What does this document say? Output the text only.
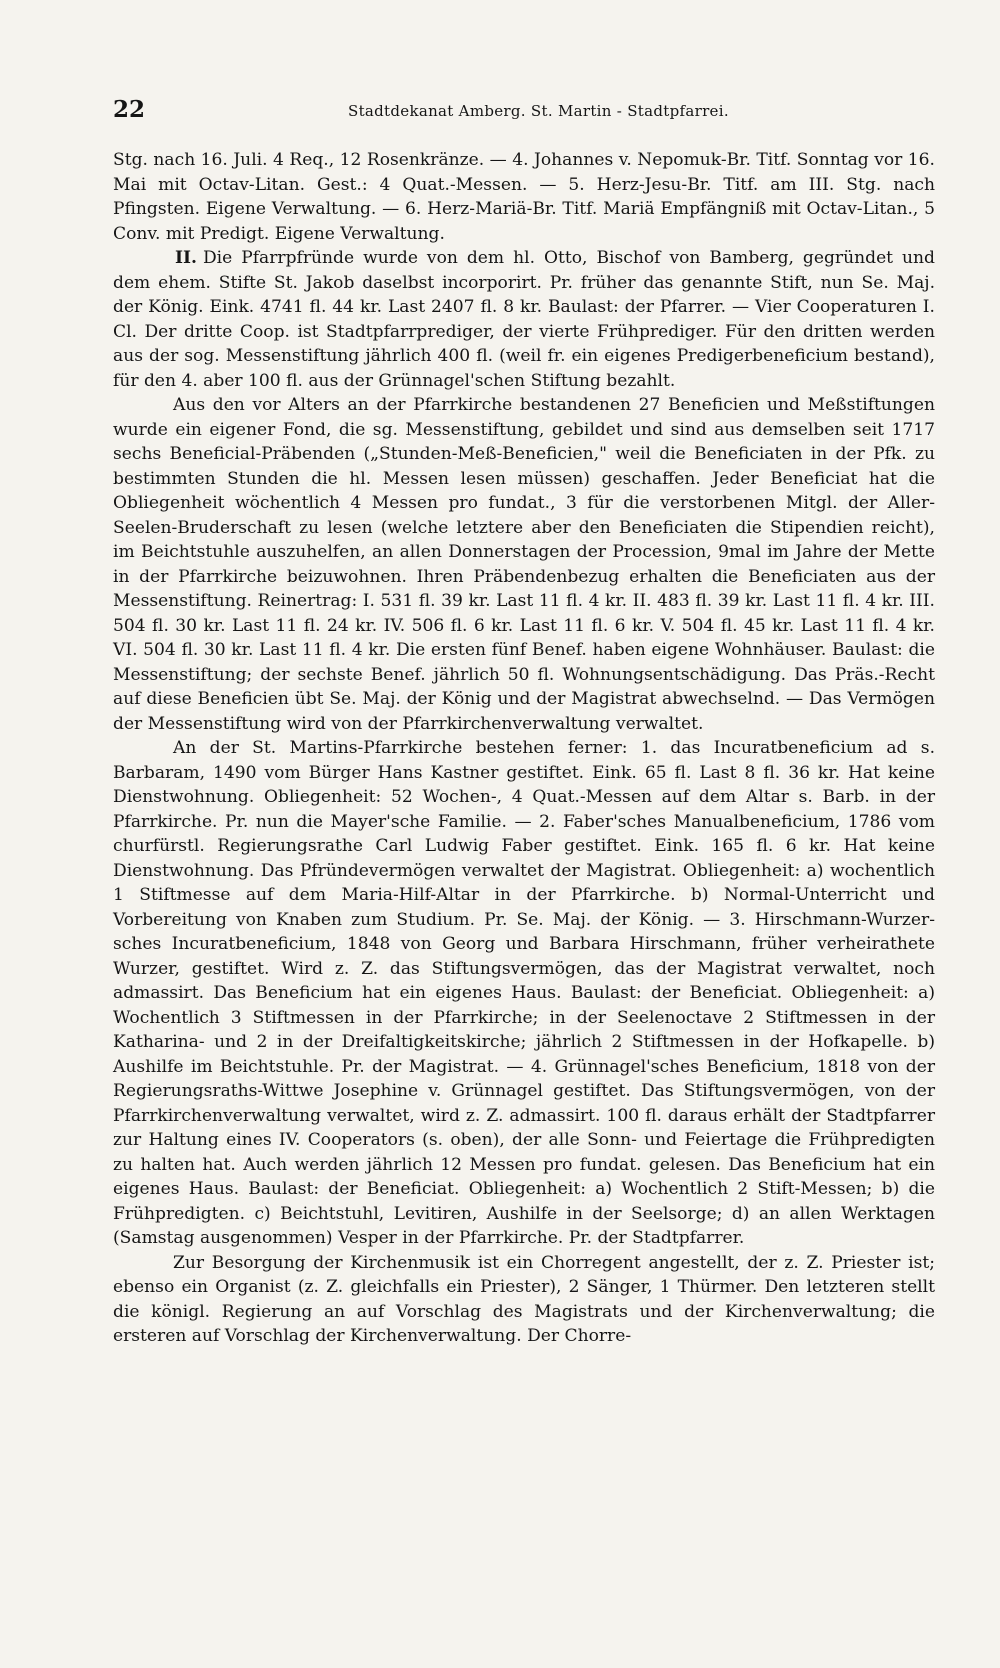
22	Stadtdekanat Amberg. St. Martin - Stadtpfarrei.

Stg. nach 16. Juli. 4 Req., 12 Rosenkränze. — 4. Johannes v. Nepomuk-Br. Titf. Sonntag vor 16. Mai mit Octav-Litan. Gest.: 4 Quat.-Messen. — 5. Herz-Jesu-Br. Titf. am III. Stg. nach Pfingsten. Eigene Verwaltung. — 6. Herz-Mariä-Br. Titf. Mariä Empfängniß mit Octav-Litan., 5 Conv. mit Predigt. Eigene Verwaltung.

II. Die Pfarrpfründe wurde von dem hl. Otto, Bischof von Bamberg, gegründet und dem ehem. Stifte St. Jakob daselbst incorporirt. Pr. früher das genannte Stift, nun Se. Maj. der König. Eink. 4741 fl. 44 kr. Last 2407 fl. 8 kr. Baulast: der Pfarrer. — Vier Cooperaturen I. Cl. Der dritte Coop. ist Stadtpfarrprediger, der vierte Frühprediger. Für den dritten werden aus der sog. Messenstiftung jährlich 400 fl. (weil fr. ein eigenes Predigerbeneficium bestand), für den 4. aber 100 fl. aus der Grünnagel'schen Stiftung bezahlt.

Aus den vor Alters an der Pfarrkirche bestandenen 27 Beneficien und Meßstiftungen wurde ein eigener Fond, die sg. Messenstiftung, gebildet und sind aus demselben seit 1717 sechs Beneficial-Präbenden („Stunden-Meß-Beneficien," weil die Beneficiaten in der Pfk. zu bestimmten Stunden die hl. Messen lesen müssen) geschaffen. Jeder Beneficiat hat die Obliegenheit wöchentlich 4 Messen pro fundat., 3 für die verstorbenen Mitgl. der Aller-Seelen-Bruderschaft zu lesen (welche letztere aber den Beneficiaten die Stipendien reicht), im Beichtstuhle auszuhelfen, an allen Donnerstagen der Procession, 9mal im Jahre der Mette in der Pfarrkirche beizuwohnen. Ihren Präbendenbezug erhalten die Beneficiaten aus der Messenstiftung. Reinertrag: I. 531 fl. 39 kr. Last 11 fl. 4 kr. II. 483 fl. 39 kr. Last 11 fl. 4 kr. III. 504 fl. 30 kr. Last 11 fl. 24 kr. IV. 506 fl. 6 kr. Last 11 fl. 6 kr. V. 504 fl. 45 kr. Last 11 fl. 4 kr. VI. 504 fl. 30 kr. Last 11 fl. 4 kr. Die ersten fünf Benef. haben eigene Wohnhäuser. Baulast: die Messenstiftung; der sechste Benef. jährlich 50 fl. Wohnungsentschädigung. Das Präs.-Recht auf diese Beneficien übt Se. Maj. der König und der Magistrat abwechselnd. — Das Vermögen der Messenstiftung wird von der Pfarrkirchenverwaltung verwaltet.

An der St. Martins-Pfarrkirche bestehen ferner: 1. das Incuratbeneficium ad s. Barbaram, 1490 vom Bürger Hans Kastner gestiftet. Eink. 65 fl. Last 8 fl. 36 kr. Hat keine Dienstwohnung. Obliegenheit: 52 Wochen-, 4 Quat.-Messen auf dem Altar s. Barb. in der Pfarrkirche. Pr. nun die Mayer'sche Familie. — 2. Faber'sches Manualbeneficium, 1786 vom churfürstl. Regierungsrathe Carl Ludwig Faber gestiftet. Eink. 165 fl. 6 kr. Hat keine Dienstwohnung. Das Pfründevermögen verwaltet der Magistrat. Obliegenheit: a) wochentlich 1 Stiftmesse auf dem Maria-Hilf-Altar in der Pfarrkirche. b) Normal-Unterricht und Vorbereitung von Knaben zum Studium. Pr. Se. Maj. der König. — 3. Hirschmann-Wurzer-sches Incuratbeneficium, 1848 von Georg und Barbara Hirschmann, früher verheirathete Wurzer, gestiftet. Wird z. Z. das Stiftungsvermögen, das der Magistrat verwaltet, noch admassirt. Das Beneficium hat ein eigenes Haus. Baulast: der Beneficiat. Obliegenheit: a) Wochentlich 3 Stiftmessen in der Pfarrkirche; in der Seelenoctave 2 Stiftmessen in der Katharina- und 2 in der Dreifaltigkeitskirche; jährlich 2 Stiftmessen in der Hofkapelle. b) Aushilfe im Beichtstuhle. Pr. der Magistrat. — 4. Grünnagel'sches Beneficium, 1818 von der Regierungsraths-Wittwe Josephine v. Grünnagel gestiftet. Das Stiftungsvermögen, von der Pfarrkirchenverwaltung verwaltet, wird z. Z. admassirt. 100 fl. daraus erhält der Stadtpfarrer zur Haltung eines IV. Cooperators (s. oben), der alle Sonn- und Feiertage die Frühpredigten zu halten hat. Auch werden jährlich 12 Messen pro fundat. gelesen. Das Beneficium hat ein eigenes Haus. Baulast: der Beneficiat. Obliegenheit: a) Wochentlich 2 Stift-Messen; b) die Frühpredigten. c) Beichtstuhl, Levitiren, Aushilfe in der Seelsorge; d) an allen Werktagen (Samstag ausgenommen) Vesper in der Pfarrkirche. Pr. der Stadtpfarrer.

Zur Besorgung der Kirchenmusik ist ein Chorregent angestellt, der z. Z. Priester ist; ebenso ein Organist (z. Z. gleichfalls ein Priester), 2 Sänger, 1 Thürmer. Den letzteren stellt die königl. Regierung an auf Vorschlag des Magistrats und der Kirchenverwaltung; die ersteren auf Vorschlag der Kirchenverwaltung. Der Chorre-
